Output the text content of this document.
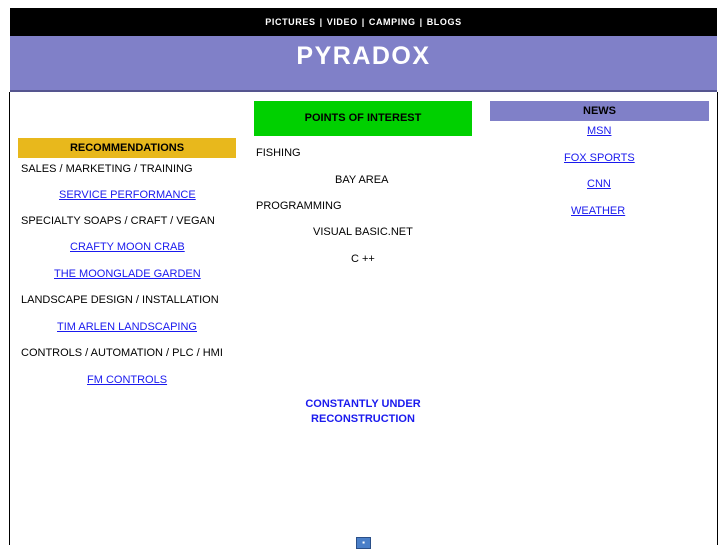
PICTURES | VIDEO | CAMPING | BLOGS
PYRADOX
RECOMMENDATIONS
SALES / MARKETING / TRAINING
SERVICE PERFORMANCE
SPECIALTY SOAPS / CRAFT / VEGAN
CRAFTY MOON CRAB
THE MOONGLADE GARDEN
LANDSCAPE DESIGN / INSTALLATION
TIM ARLEN LANDSCAPING
CONTROLS / AUTOMATION / PLC / HMI
FM CONTROLS
POINTS OF INTEREST
FISHING
BAY AREA
PROGRAMMING
VISUAL BASIC.NET
C ++
NEWS
MSN
FOX SPORTS
CNN
WEATHER
CONSTANTLY UNDER
RECONSTRUCTION
▪
